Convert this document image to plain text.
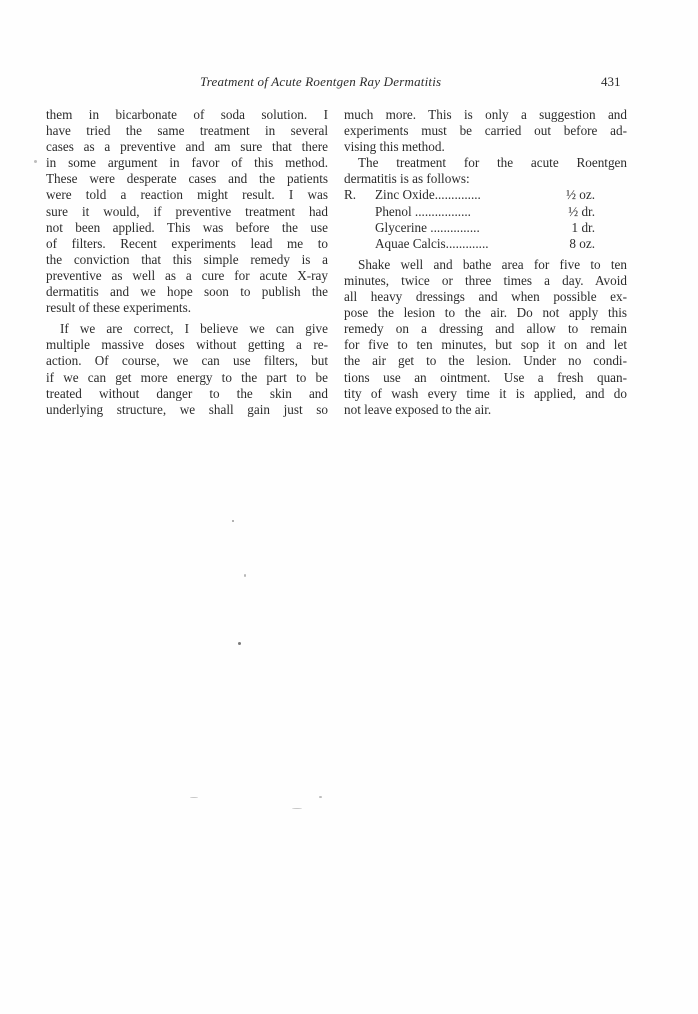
Treatment of Acute Roentgen Ray Dermatitis	431
them in bicarbonate of soda solution. I
have tried the same treatment in several
cases as a preventive and am sure that there
in some argument in favor of this method.
These were desperate cases and the patients
were told a reaction might result. I was
sure it would, if preventive treatment had
not been applied. This was before the use
of filters. Recent experiments lead me to
the conviction that this simple remedy is a
preventive as well as a cure for acute X-ray
dermatitis and we hope soon to publish the
result of these experiments.
If we are correct, I believe we can give
multiple massive doses without getting a re-
action. Of course, we can use filters, but
if we can get more energy to the part to be
treated without danger to the skin and
underlying structure, we shall gain just so
much more. This is only a suggestion and
experiments must be carried out before ad-
vising this method.
The treatment for the acute Roentgen
dermatitis is as follows:
R. Zinc Oxide..............	½ oz.
Phenol .................	½ dr.
Glycerine ...............	1 dr.
Aquae Calcis.............	8 oz.
Shake well and bathe area for five to ten
minutes, twice or three times a day. Avoid
all heavy dressings and when possible ex-
pose the lesion to the air. Do not apply this
remedy on a dressing and allow to remain
for five to ten minutes, but sop it on and let
the air get to the lesion. Under no condi-
tions use an ointment. Use a fresh quan-
tity of wash every time it is applied, and do
not leave exposed to the air.
